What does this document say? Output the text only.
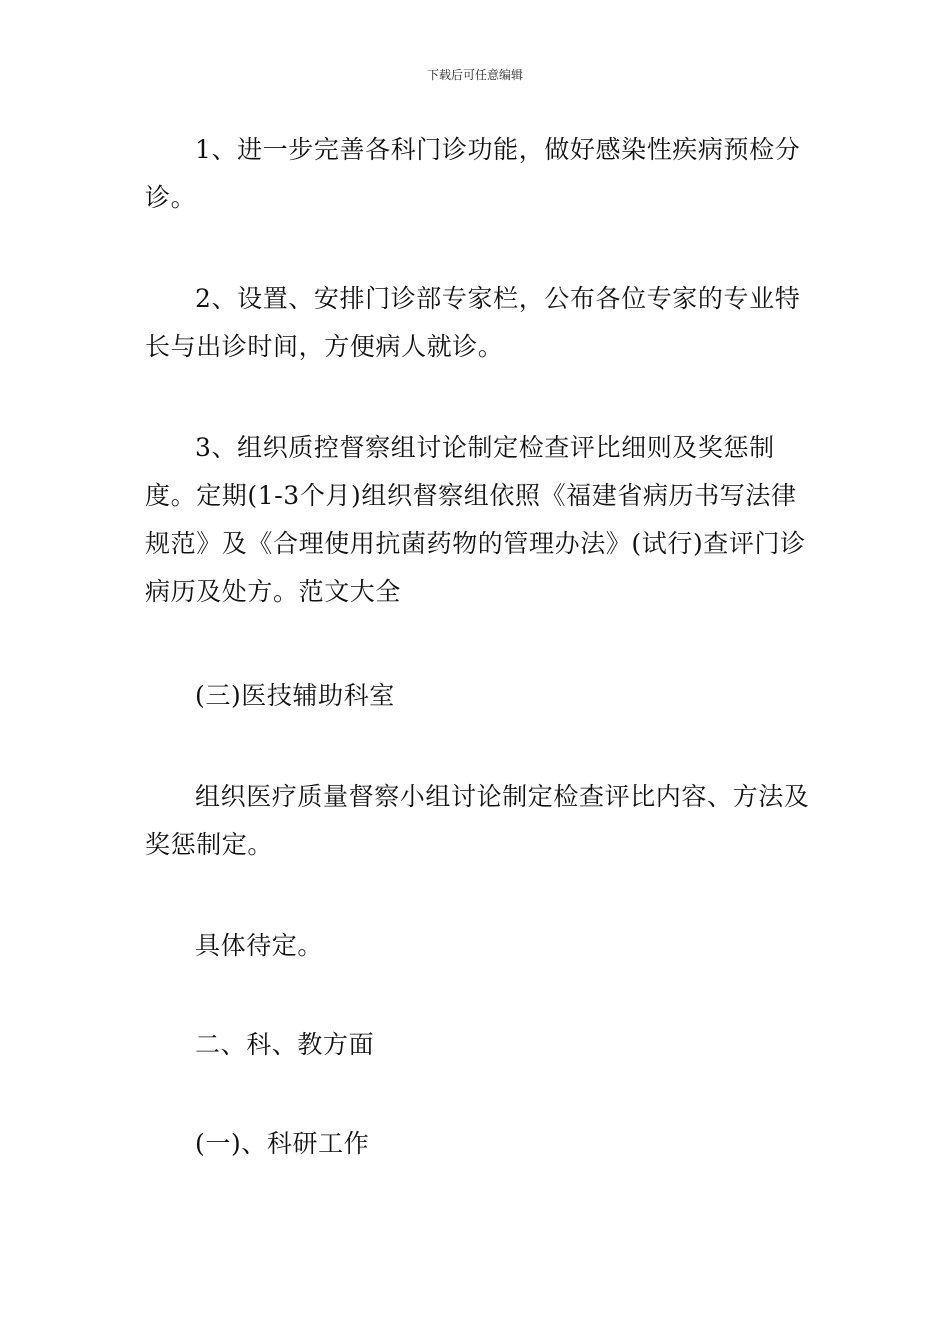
下载后可任意编辑

1、进一步完善各科门诊功能，做好感染性疾病预检分诊。

2、设置、安排门诊部专家栏，公布各位专家的专业特长与出诊时间，方便病人就诊。

3、组织质控督察组讨论制定检查评比细则及奖惩制度。定期(1-3个月)组织督察组依照《福建省病历书写法律规范》及《合理使用抗菌药物的管理办法》(试行)查评门诊病历及处方。范文大全

(三)医技辅助科室

组织医疗质量督察小组讨论制定检查评比内容、方法及奖惩制定。

具体待定。

二、科、教方面

(一)、科研工作
